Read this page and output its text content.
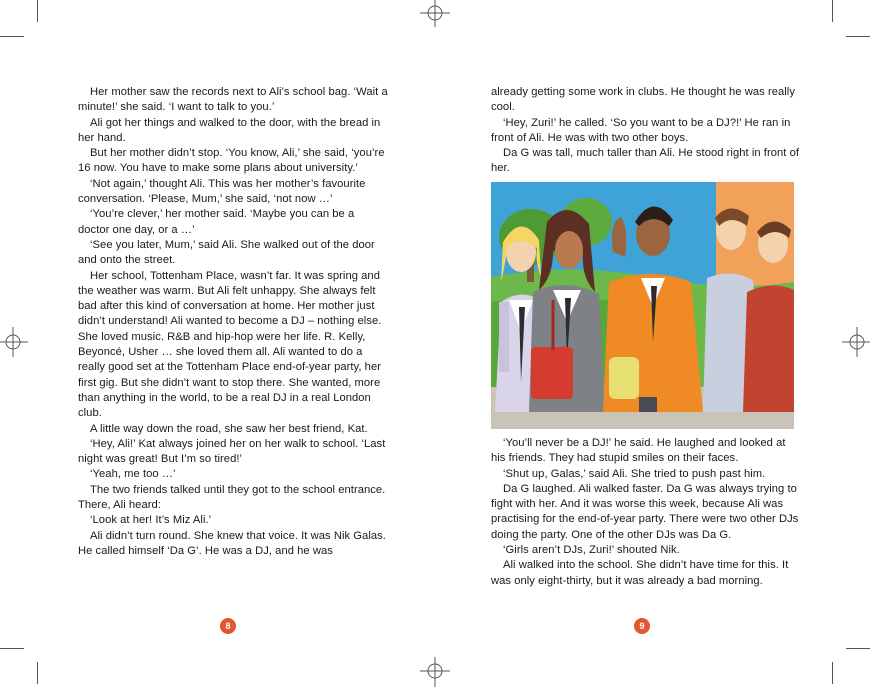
Her mother saw the records next to Ali’s school bag. ‘Wait a minute!’ she said. ‘I want to talk to you.’

Ali got her things and walked to the door, with the bread in her hand.

But her mother didn’t stop. ‘You know, Ali,’ she said, ‘you’re 16 now. You have to make some plans about university.’

‘Not again,’ thought Ali. This was her mother’s favourite conversation. ‘Please, Mum,’ she said, ‘not now …’

‘You’re clever,’ her mother said. ‘Maybe you can be a doctor one day, or a …’

‘See you later, Mum,’ said Ali. She walked out of the door and onto the street.

Her school, Tottenham Place, wasn’t far. It was spring and the weather was warm. But Ali felt unhappy. She always felt bad after this kind of conversation at home. Her mother just didn’t understand! Ali wanted to become a DJ – nothing else. She loved music. R&B and hip-hop were her life. R. Kelly, Beyoncé, Usher … she loved them all. Ali wanted to do a really good set at the Tottenham Place end-of-year party, her first gig. But she didn’t want to stop there. She wanted, more than anything in the world, to be a real DJ in a real London club.

A little way down the road, she saw her best friend, Kat.

‘Hey, Ali!’ Kat always joined her on her walk to school. ‘Last night was great! But I’m so tired!’

‘Yeah, me too …’

The two friends talked until they got to the school entrance. There, Ali heard:

‘Look at her! It’s Miz Ali.’

Ali didn’t turn round. She knew that voice. It was Nik Galas. He called himself ‘Da G’. He was a DJ, and he was

already getting some work in clubs. He thought he was really cool.

‘Hey, Zuri!’ he called. ‘So you want to be a DJ?!’ He ran in front of Ali. He was with two other boys.

Da G was tall, much taller than Ali. He stood right in front of her.

‘You’ll never be a DJ!’ he said. He laughed and looked at his friends. They had stupid smiles on their faces.

‘Shut up, Galas,’ said Ali. She tried to push past him.

Da G laughed. Ali walked faster. Da G was always trying to fight with her. And it was worse this week, because Ali was practising for the end-of-year party. There were two other DJs doing the party. One of the other DJs was Da G.

‘Girls aren’t DJs, Zuri!’ shouted Nik.

Ali walked into the school. She didn’t have time for this. It was only eight-thirty, but it was already a bad morning.

8	9
